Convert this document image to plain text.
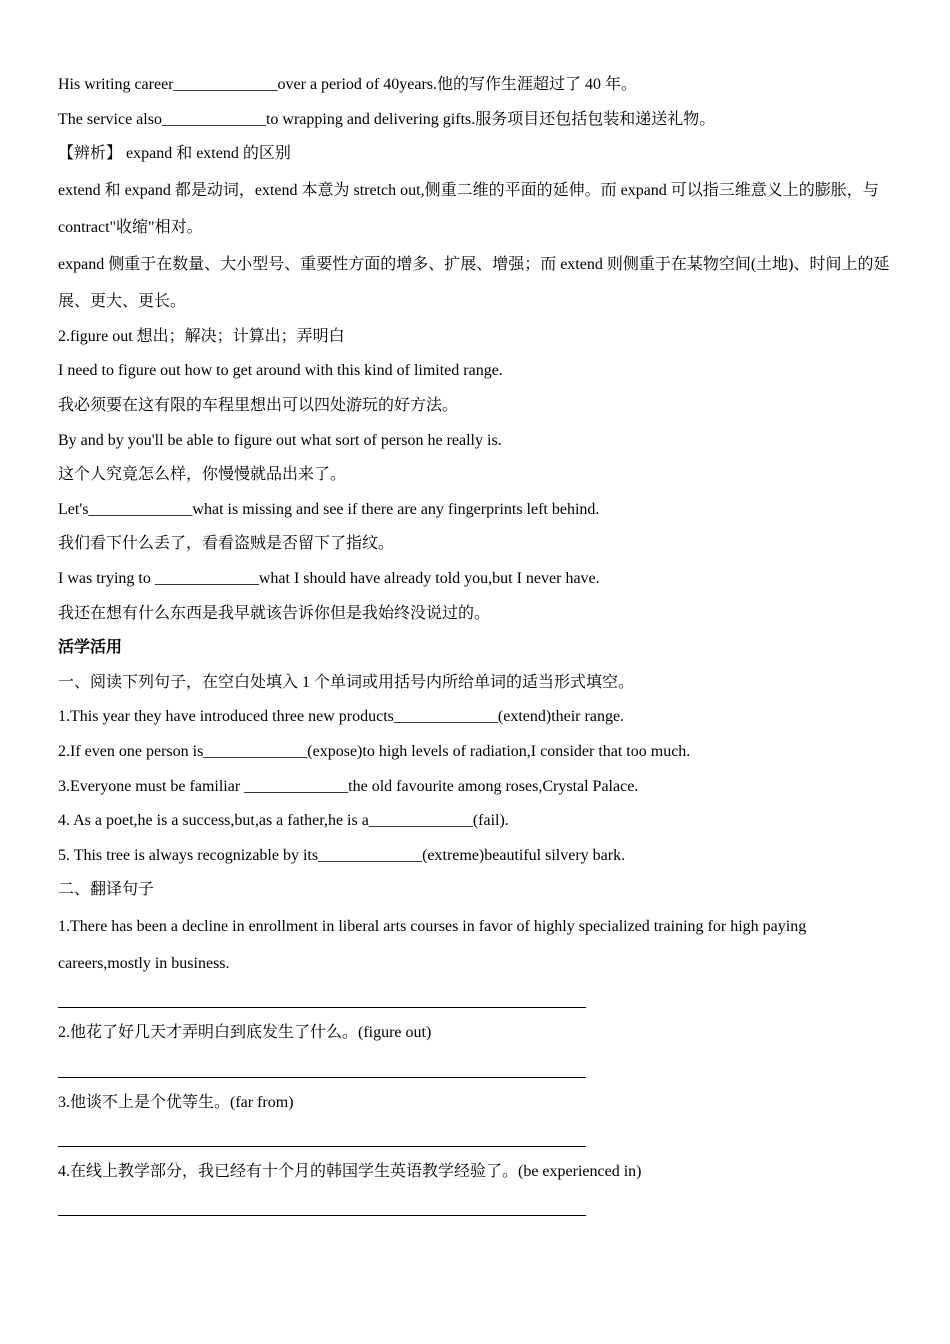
His writing career_____________over a period of 40years.他的写作生涯超过了 40 年。
The service also_____________to wrapping and delivering gifts.服务项目还包括包装和递送礼物。
【辨析】 expand 和 extend 的区别
extend 和 expand 都是动词，extend 本意为 stretch out,侧重二维的平面的延伸。而 expand 可以指三维意义上的膨胀，与 contract"收缩"相对。
expand 侧重于在数量、大小型号、重要性方面的增多、扩展、增强；而 extend 则侧重于在某物空间(土地)、时间上的延展、更大、更长。
2.figure out 想出；解决；计算出；弄明白
I need to figure out how to get around with this kind of limited range.
我必须要在这有限的车程里想出可以四处游玩的好方法。
By and by you'll be able to figure out what sort of person he really is.
这个人究竟怎么样，你慢慢就品出来了。
Let's_____________what is missing and see if there are any fingerprints left behind.
我们看下什么丢了，看看盗贼是否留下了指纹。
I was trying to _____________what I should have already told you,but I never have.
我还在想有什么东西是我早就该告诉你但是我始终没说过的。
活学活用
一、阅读下列句子，在空白处填入 1 个单词或用括号内所给单词的适当形式填空。
1.This year they have introduced three new products_____________(extend)their range.
2.If even one person is_____________(expose)to high levels of radiation,I consider that too much.
3.Everyone must be familiar _____________the old favourite among roses,Crystal Palace.
4. As a poet,he is a success,but,as a father,he is a_____________(fail).
5. This tree is always recognizable by its_____________(extreme)beautiful silvery bark.
二、翻译句子
1.There has been a decline in enrollment in liberal arts courses in favor of highly specialized training for high paying careers,mostly in business.
2.他花了好几天才弄明白到底发生了什么。(figure out)
3.他谈不上是个优等生。(far from)
4.在线上教学部分，我已经有十个月的韩国学生英语教学经验了。(be experienced in)
